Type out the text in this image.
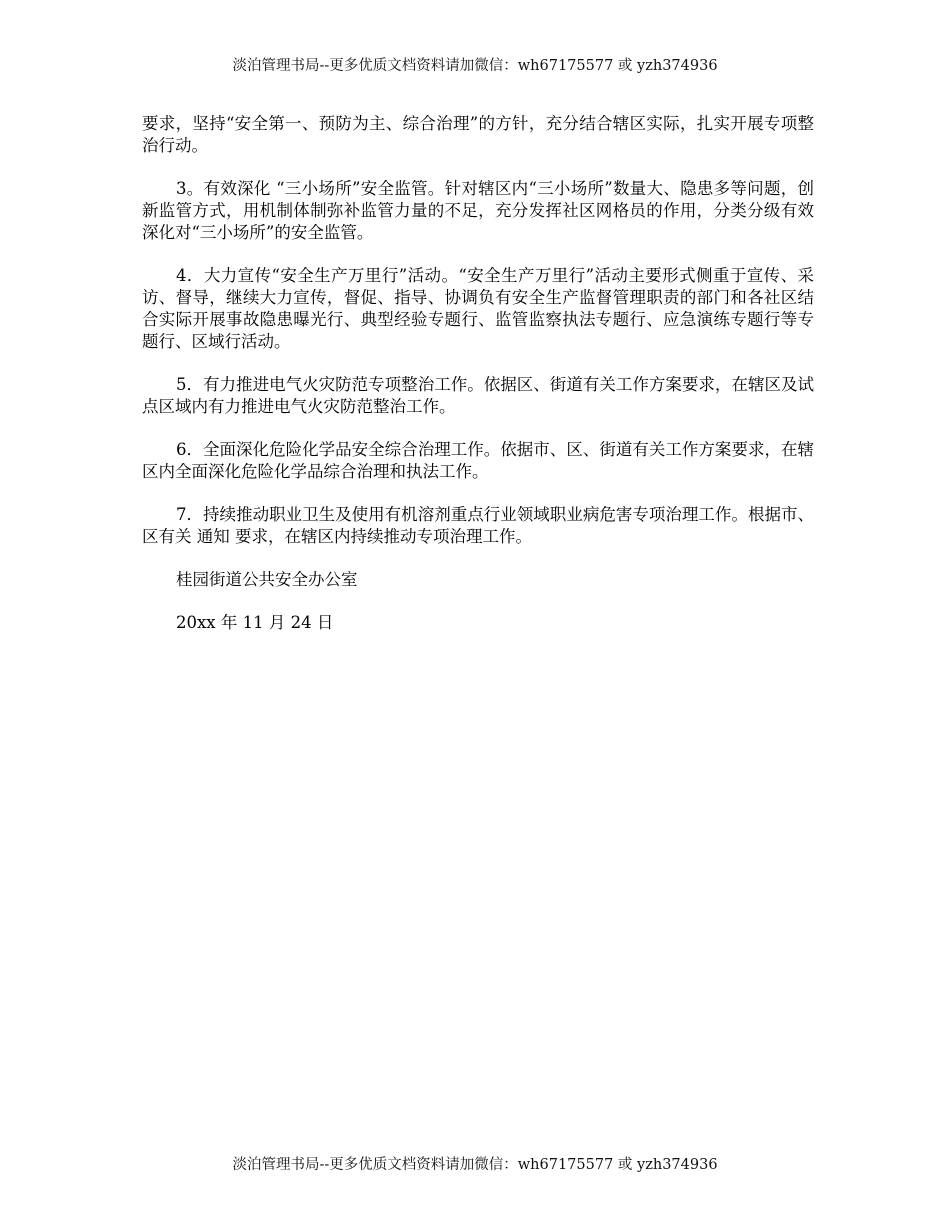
淡泊管理书局--更多优质文档资料请加微信：wh67175577 或 yzh374936

要求，坚持“安全第一、预防为主、综合治理”的方针，充分结合辖区实际，扎实开展专项整治行动。

3。有效深化 “三小场所”安全监管。针对辖区内“三小场所”数量大、隐患多等问题，创新监管方式，用机制体制弥补监管力量的不足，充分发挥社区网格员的作用，分类分级有效深化对“三小场所”的安全监管。

4．大力宣传“安全生产万里行”活动。“安全生产万里行”活动主要形式侧重于宣传、采访、督导，继续大力宣传，督促、指导、协调负有安全生产监督管理职责的部门和各社区结合实际开展事故隐患曝光行、典型经验专题行、监管监察执法专题行、应急演练专题行等专题行、区域行活动。

5．有力推进电气火灾防范专项整治工作。依据区、街道有关工作方案要求，在辖区及试点区域内有力推进电气火灾防范整治工作。

6．全面深化危险化学品安全综合治理工作。依据市、区、街道有关工作方案要求，在辖区内全面深化危险化学品综合治理和执法工作。

7．持续推动职业卫生及使用有机溶剂重点行业领域职业病危害专项治理工作。根据市、区有关 通知 要求，在辖区内持续推动专项治理工作。

桂园街道公共安全办公室

20xx 年 11 月 24 日

淡泊管理书局--更多优质文档资料请加微信：wh67175577 或 yzh374936
